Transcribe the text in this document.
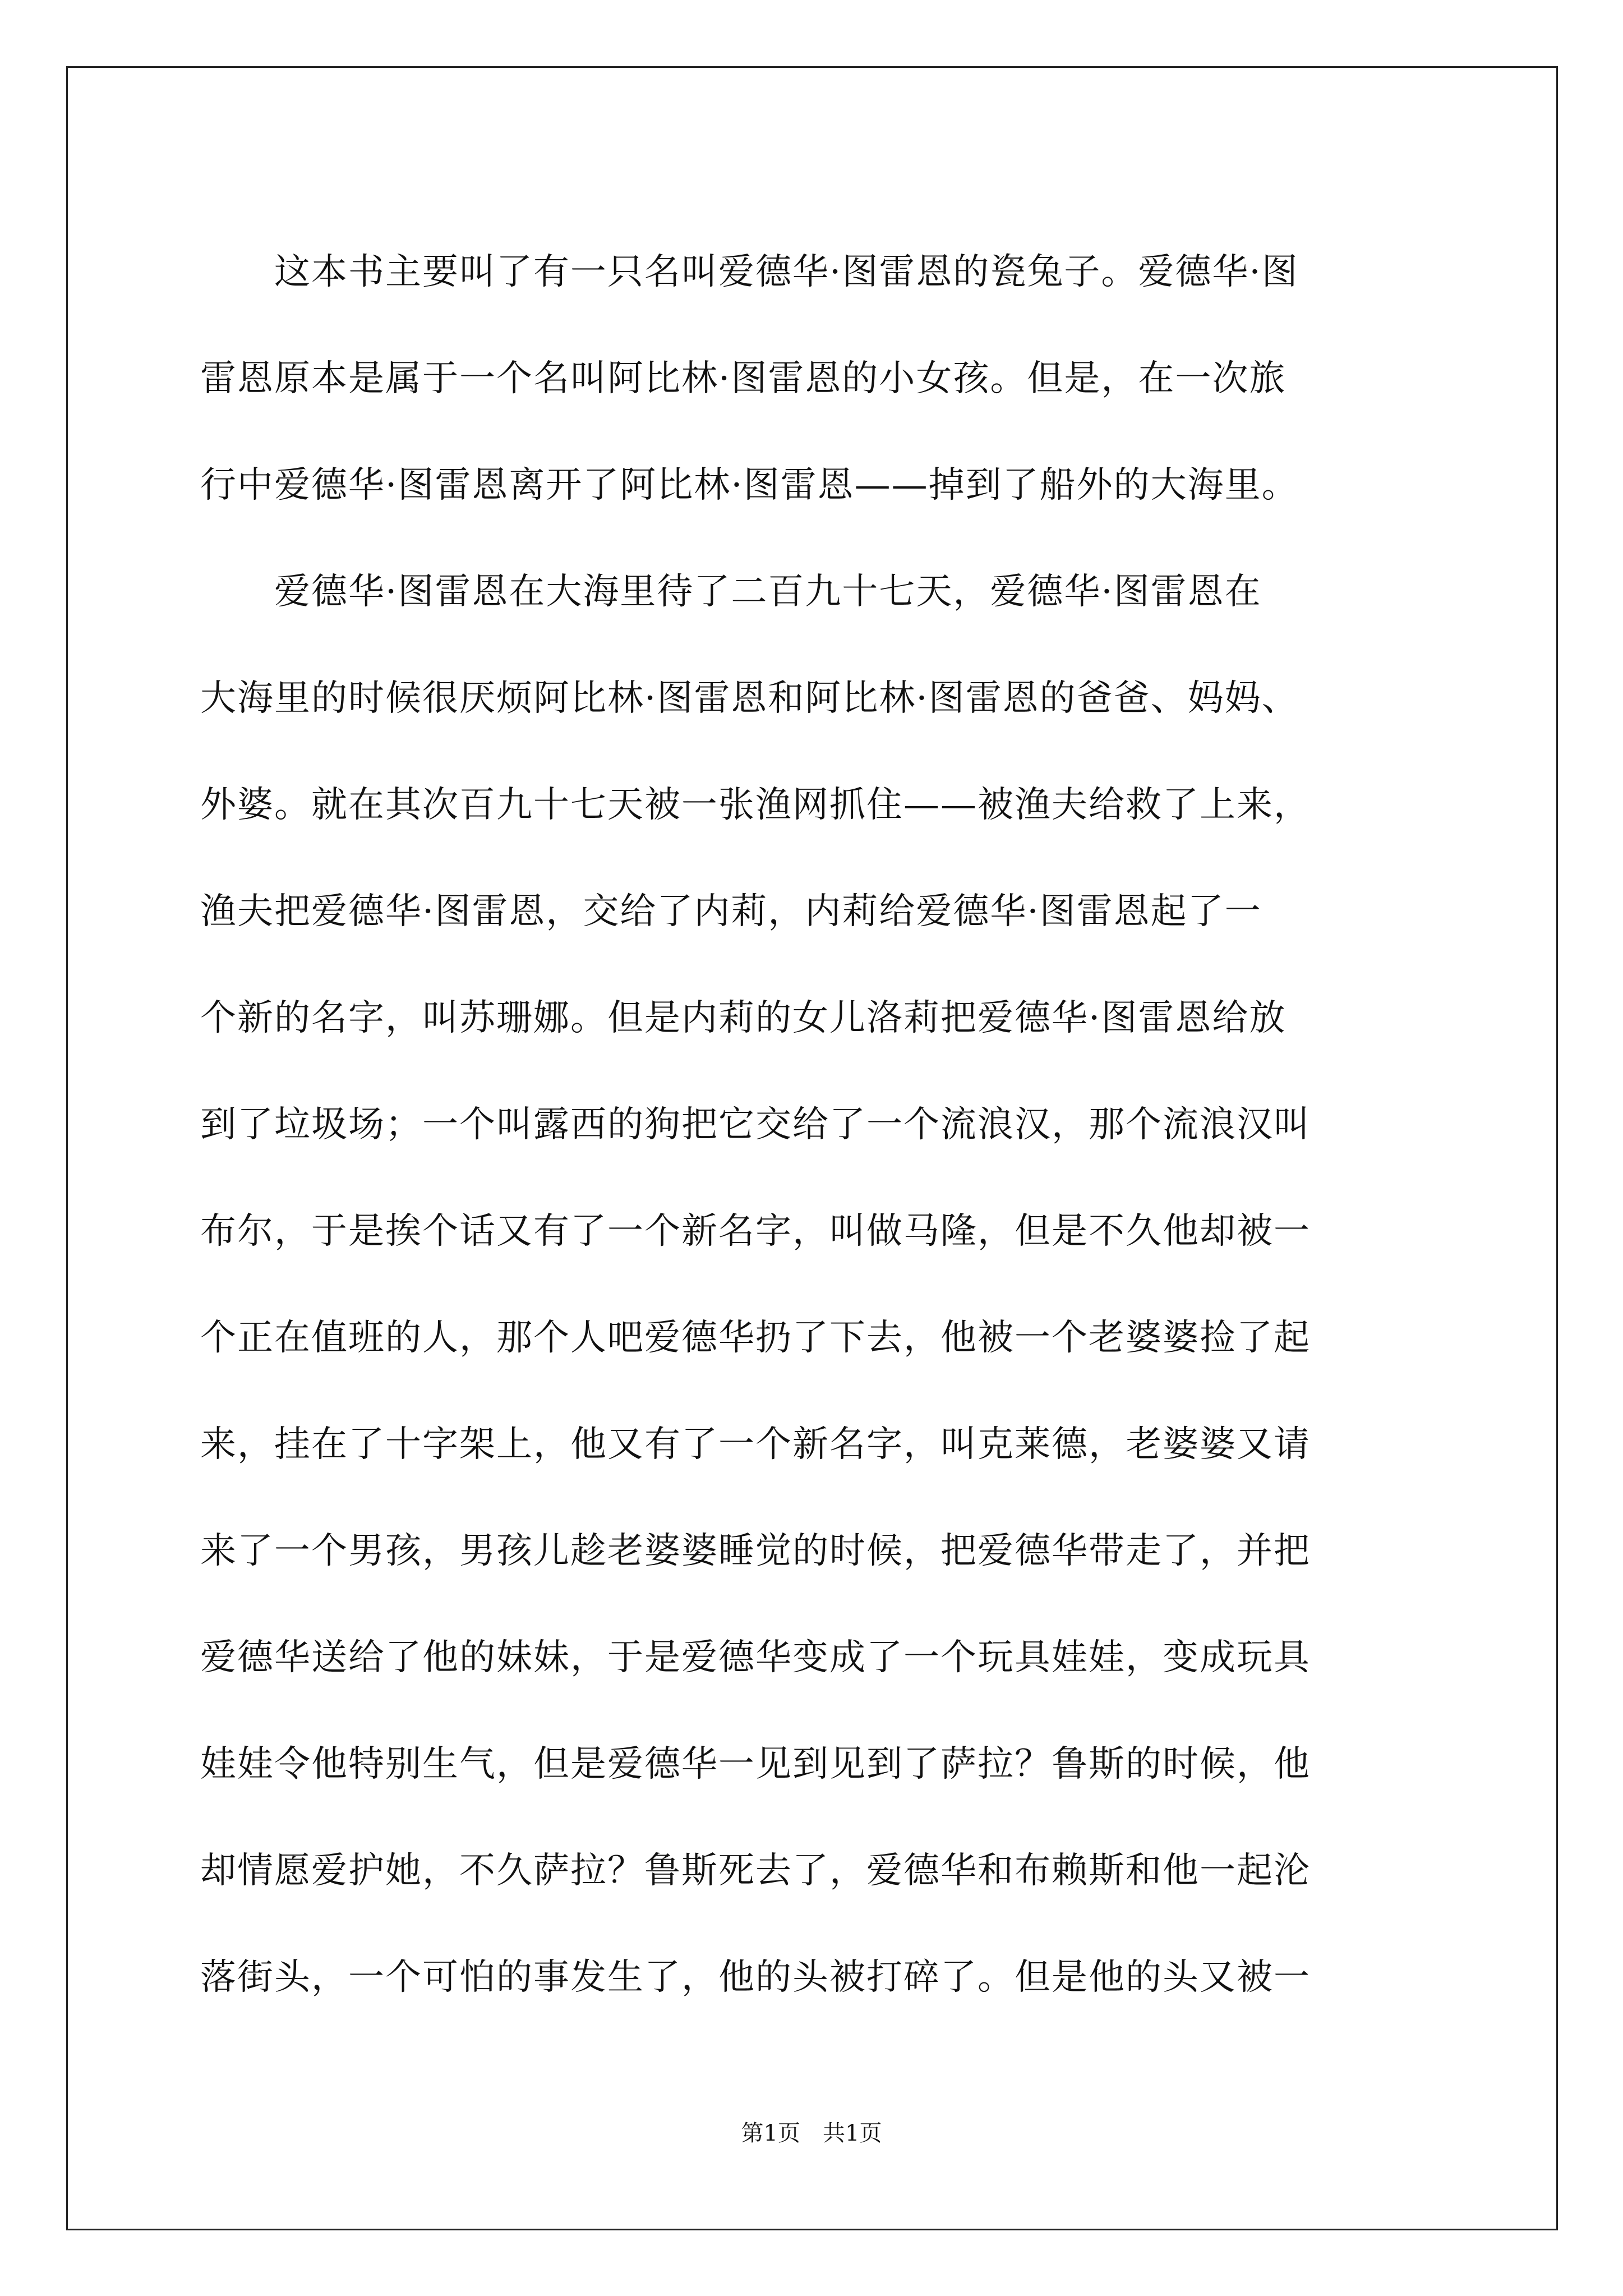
　　这本书主要叫了有一只名叫爱德华·图雷恩的瓷兔子。爱德华·图
雷恩原本是属于一个名叫阿比林·图雷恩的小女孩。但是，在一次旅
行中爱德华·图雷恩离开了阿比林·图雷恩——掉到了船外的大海里。
　　爱德华·图雷恩在大海里待了二百九十七天，爱德华·图雷恩在
大海里的时候很厌烦阿比林·图雷恩和阿比林·图雷恩的爸爸、妈妈、
外婆。就在其次百九十七天被一张渔网抓住——被渔夫给救了上来，
渔夫把爱德华·图雷恩，交给了内莉，内莉给爱德华·图雷恩起了一
个新的名字，叫苏珊娜。但是内莉的女儿洛莉把爱德华·图雷恩给放
到了垃圾场；一个叫露西的狗把它交给了一个流浪汉，那个流浪汉叫
布尔，于是挨个话又有了一个新名字，叫做马隆，但是不久他却被一
个正在值班的人，那个人吧爱德华扔了下去，他被一个老婆婆捡了起
来，挂在了十字架上，他又有了一个新名字，叫克莱德，老婆婆又请
来了一个男孩，男孩儿趁老婆婆睡觉的时候，把爱德华带走了，并把
爱德华送给了他的妹妹，于是爱德华变成了一个玩具娃娃，变成玩具
娃娃令他特别生气，但是爱德华一见到见到了萨拉？鲁斯的时候，他
却情愿爱护她，不久萨拉？鲁斯死去了，爱德华和布赖斯和他一起沦
落街头，一个可怕的事发生了，他的头被打碎了。但是他的头又被一
第1页　共1页
